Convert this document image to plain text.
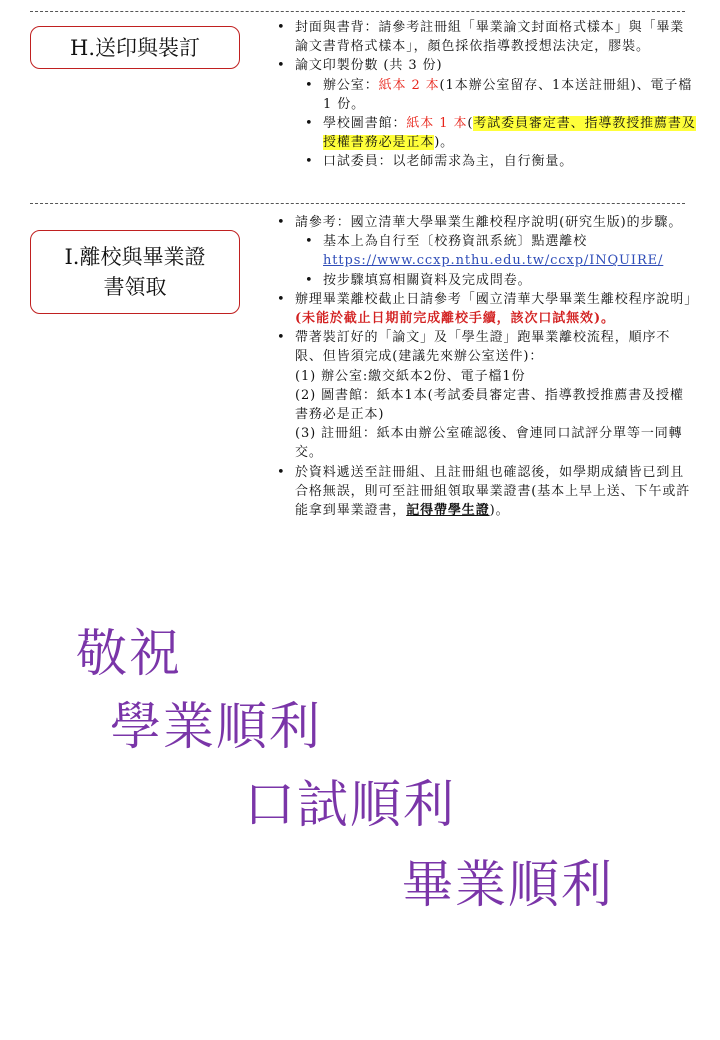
H.送印與裝訂
• 封面與書背：請參考註冊組「畢業論文封面格式樣本」與「畢業論文書背格式樣本」，顏色採依指導教授想法決定，膠裝。
• 論文印製份數 (共 3 份)
• 辦公室：紙本 2 本(1本辦公室留存、1本送註冊組)、電子檔 1 份。
• 學校圖書館：紙本 1 本(考試委員審定書、指導教授推薦書及授權書務必是正本)。
• 口試委員：以老師需求為主，自行衡量。
I.離校與畢業證
書領取
• 請參考：國立清華大學畢業生離校程序說明(研究生版)的步驟。
• 基本上為自行至〔校務資訊系統〕點選離校 https://www.ccxp.nthu.edu.tw/ccxp/INQUIRE/
• 按步驟填寫相關資料及完成問卷。
• 辦理畢業離校截止日請參考「國立清華大學畢業生離校程序說明」(未能於截止日期前完成離校手續，該次口試無效)。
• 帶著裝訂好的「論文」及「學生證」跑畢業離校流程，順序不限、但皆須完成(建議先來辦公室送件)：
(1) 辦公室:繳交紙本2份、電子檔1份
(2) 圖書館：紙本1本(考試委員審定書、指導教授推薦書及授權書務必是正本)
(3) 註冊組：紙本由辦公室確認後、會連同口試評分單等一同轉交。
• 於資料遞送至註冊組、且註冊組也確認後，如學期成績皆已到且合格無誤，則可至註冊組領取畢業證書(基本上早上送、下午或許能拿到畢業證書，記得帶學生證)。
敬祝
學業順利
口試順利
畢業順利
